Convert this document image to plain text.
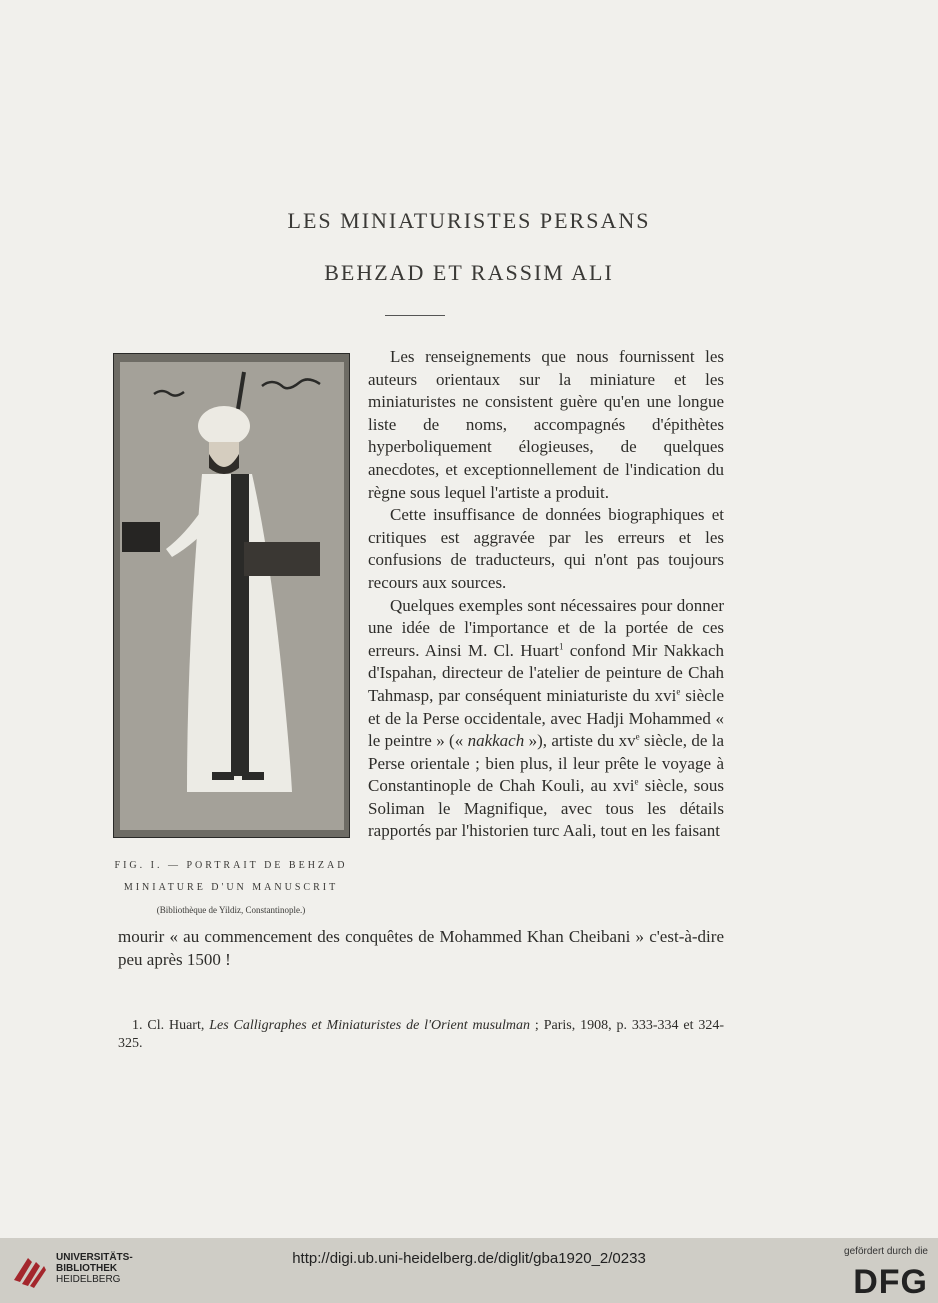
LES MINIATURISTES PERSANS
BEHZAD ET RASSIM ALI
FIG. I. — PORTRAIT DE BEHZAD
MINIATURE D'UN MANUSCRIT
(Bibliothèque de Yildiz, Constantinople.)

Les renseignements que nous fournissent les auteurs orientaux sur la miniature et les miniaturistes ne consistent guère qu'en une longue liste de noms, accompagnés d'épithètes hyperboliquement élogieuses, de quelques anecdotes, et exceptionnellement de l'indication du règne sous lequel l'artiste a produit.

Cette insuffisance de données biographiques et critiques est aggravée par les erreurs et les confusions de traducteurs, qui n'ont pas toujours recours aux sources.

Quelques exemples sont nécessaires pour donner une idée de l'importance et de la portée de ces erreurs. Ainsi M. Cl. Huart$^1$ confond Mir Nakkach d'Ispahan, directeur de l'atelier de peinture de Chah Tahmasp, par conséquent miniaturiste du xvi$^e$ siècle et de la Perse occidentale, avec Hadji Mohammed « le peintre » (« nakkach »), artiste du $xv^e$ siècle, de la Perse orientale ; bien plus, il leur prête le voyage à Constantinople de Chah Kouli, au xvi$^e$ siècle, sous Soliman le Magnifique, avec tous les détails rapportés par l'historien turc Aali, tout en les faisant

mourir « au commencement des conquêtes de Mohammed Khan Cheibani » c'est-à-dire peu après 1500 !

1. Cl. Huart, Les Calligraphes et Miniaturistes de l'Orient musulman ; Paris, 1908, p. 333-334 et 324-325.

UNIVERSITÄTS-
BIBLIOTHEK
HEIDELBERG
http://digi.ub.uni-heidelberg.de/diglit/gba1920_2/0233	gefördert durch die
DFG
